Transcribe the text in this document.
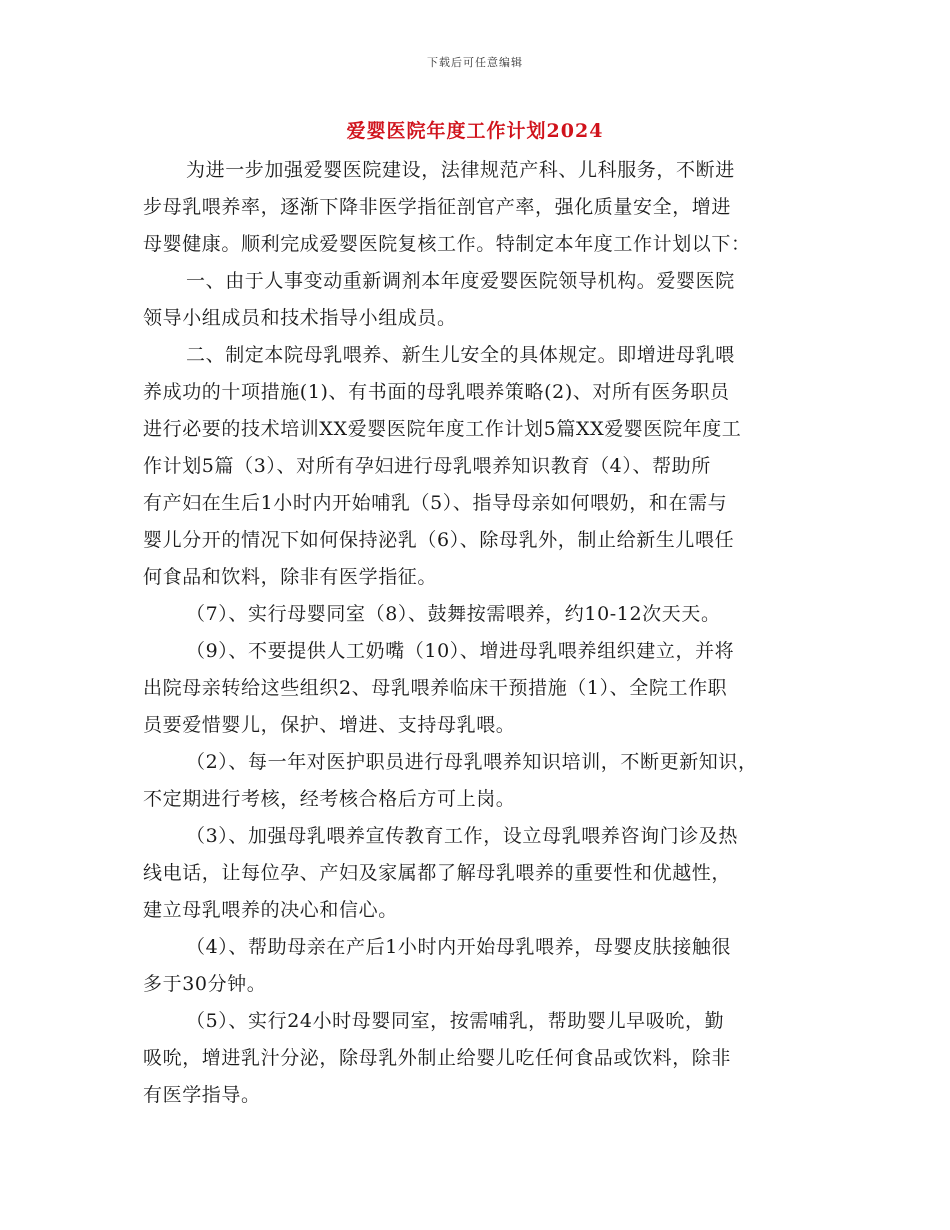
下载后可任意编辑
爱婴医院年度工作计划2024

为进一步加强爱婴医院建设，法律规范产科、儿科服务，不断进
步母乳喂养率，逐渐下降非医学指征剖官产率，强化质量安全，增进
母婴健康。顺利完成爱婴医院复核工作。特制定本年度工作计划以下：

一、由于人事变动重新调剂本年度爱婴医院领导机构。爱婴医院
领导小组成员和技术指导小组成员。

二、制定本院母乳喂养、新生儿安全的具体规定。即增进母乳喂
养成功的十项措施(1)、有书面的母乳喂养策略(2)、对所有医务职员
进行必要的技术培训XX爱婴医院年度工作计划5篇XX爱婴医院年度工
作计划5篇（3）、对所有孕妇进行母乳喂养知识教育（4）、帮助所
有产妇在生后1小时内开始哺乳（5）、指导母亲如何喂奶，和在需与
婴儿分开的情况下如何保持泌乳（6）、除母乳外，制止给新生儿喂任
何食品和饮料，除非有医学指征。

（7）、实行母婴同室（8）、鼓舞按需喂养，约10-12次天天。

（9）、不要提供人工奶嘴（10）、增进母乳喂养组织建立，并将
出院母亲转给这些组织2、母乳喂养临床干预措施（1）、全院工作职
员要爱惜婴儿，保护、增进、支持母乳喂。

（2）、每一年对医护职员进行母乳喂养知识培训，不断更新知识，
不定期进行考核，经考核合格后方可上岗。

（3）、加强母乳喂养宣传教育工作，设立母乳喂养咨询门诊及热
线电话，让每位孕、产妇及家属都了解母乳喂养的重要性和优越性，
建立母乳喂养的决心和信心。

（4）、帮助母亲在产后1小时内开始母乳喂养，母婴皮肤接触很
多于30分钟。

（5）、实行24小时母婴同室，按需哺乳，帮助婴儿早吸吮，勤
吸吮，增进乳汁分泌，除母乳外制止给婴儿吃任何食品或饮料，除非
有医学指导。
